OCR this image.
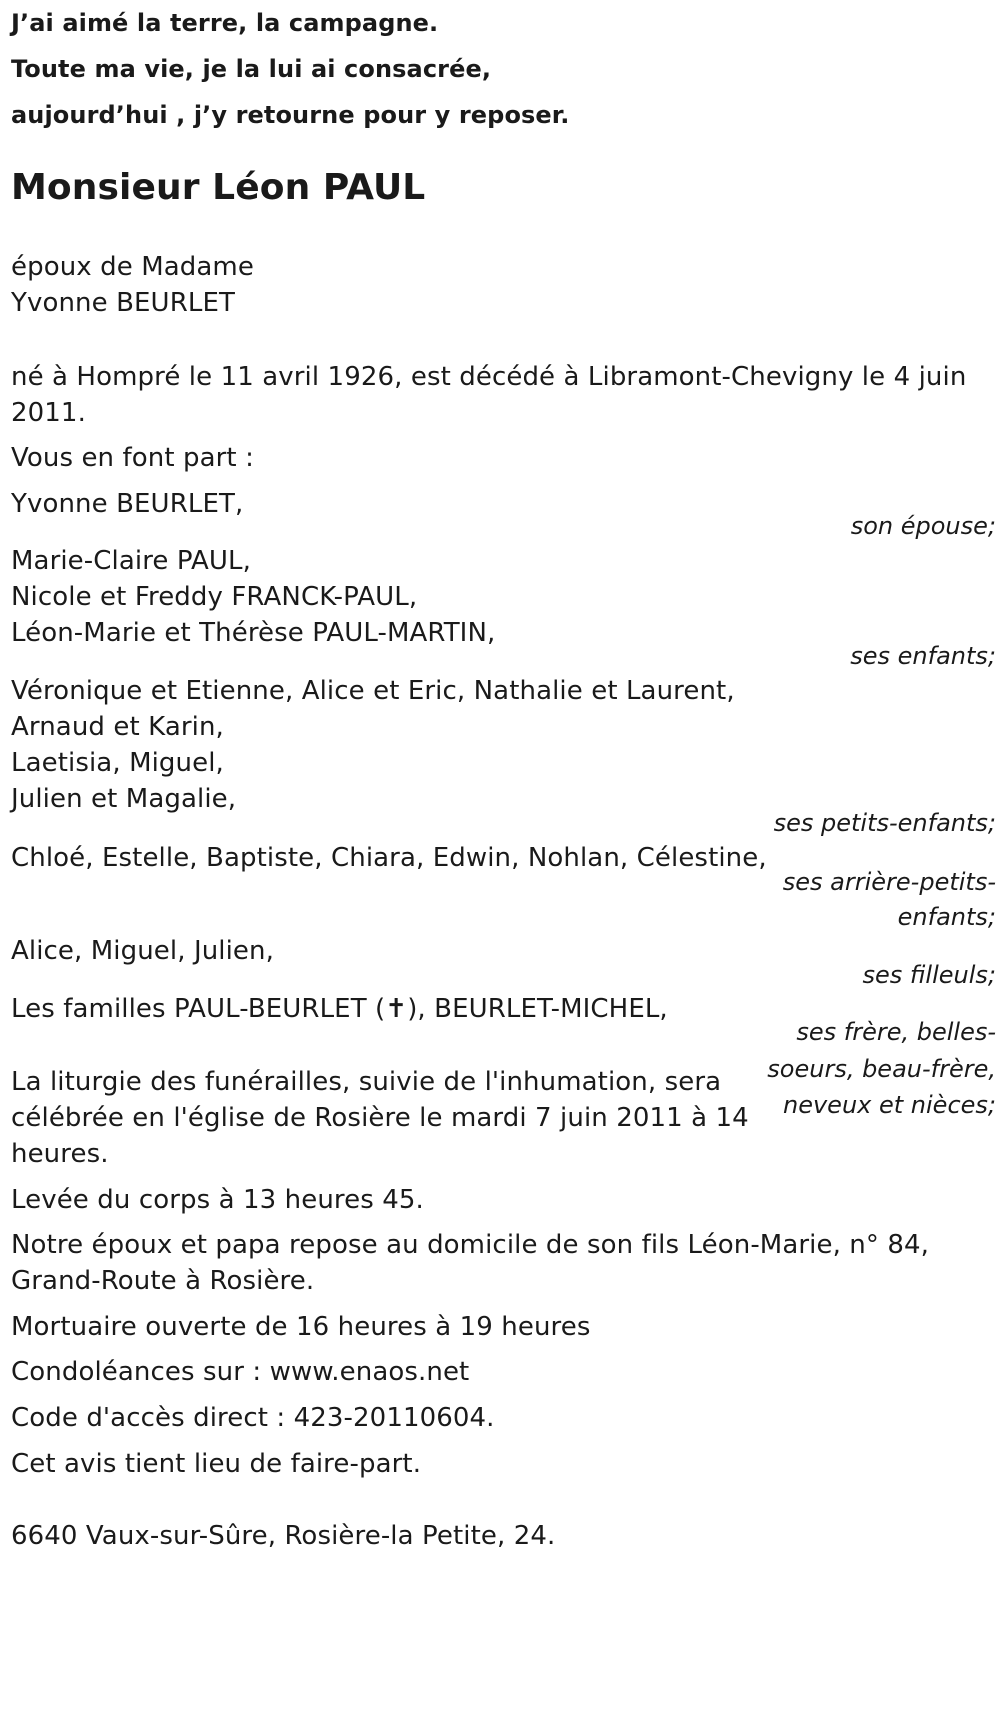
J’ai aimé la terre, la campagne.
Toute ma vie, je la lui ai consacrée,
aujourd’hui , j’y retourne pour y reposer.
Monsieur Léon PAUL
époux de Madame
Yvonne BEURLET
né à Hompré le 11 avril 1926, est décédé à Libramont-Chevigny le 4 juin
2011.
Vous en font part :
Yvonne BEURLET,
son épouse;
Marie-Claire PAUL,
Nicole et Freddy FRANCK-PAUL,
Léon-Marie et Thérèse PAUL-MARTIN,
ses enfants;
Véronique et Etienne, Alice et Eric, Nathalie et Laurent,
Arnaud et Karin,
Laetisia, Miguel,
Julien et Magalie,
ses petits-enfants;
Chloé, Estelle, Baptiste, Chiara, Edwin, Nohlan, Célestine,
ses arrière-petits-
enfants;
Alice, Miguel, Julien,
ses filleuls;
Les familles PAUL-BEURLET (✝), BEURLET-MICHEL,
ses frère, belles-
soeurs, beau-frère,
neveux et nièces;
La liturgie des funérailles, suivie de l'inhumation, sera
célébrée en l'église de Rosière le mardi 7 juin 2011 à 14
heures.
Levée du corps à 13 heures 45.
Notre époux et papa repose au domicile de son fils Léon-Marie, n° 84,
Grand-Route à Rosière.
Mortuaire ouverte de 16 heures à 19 heures
Condoléances sur : www.enaos.net
Code d'accès direct : 423-20110604.
Cet avis tient lieu de faire-part.
6640 Vaux-sur-Sûre, Rosière-la Petite, 24.
